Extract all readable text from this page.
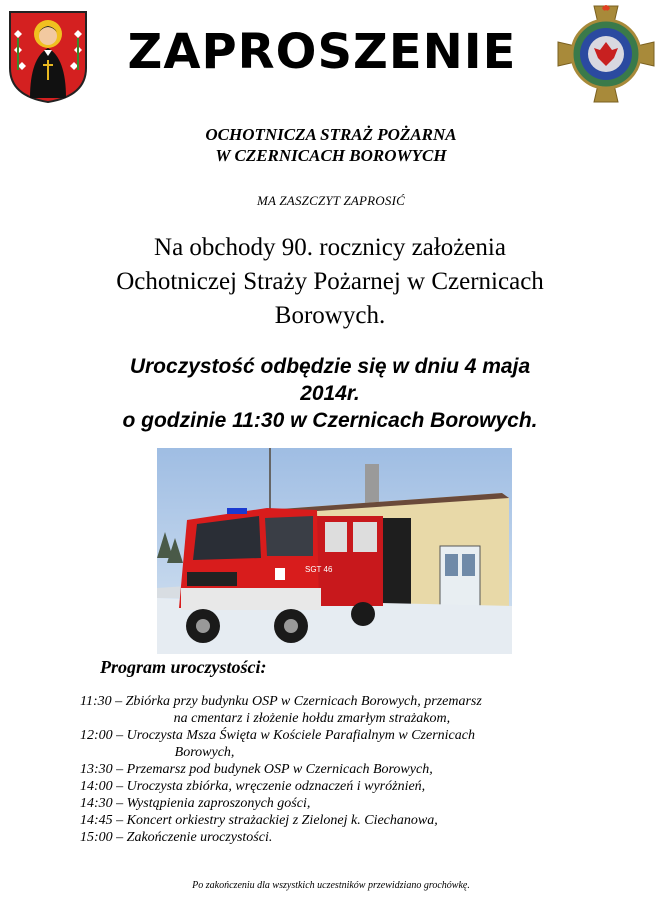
ZAPROSZENIE
OCHOTNICZA STRAŻ POŻARNA
W CZERNICACH BOROWYCH
MA ZASZCZYT ZAPROSIĆ
Na obchody 90. rocznicy założenia
Ochotniczej Straży Pożarnej w Czernicach
Borowych.
Uroczystość odbędzie się w dniu 4 maja
2014r.
o godzinie 11:30 w Czernicach Borowych.
SGT 46
Program uroczystości:
11:30 – Zbiórka przy budynku OSP w Czernicach Borowych, przemarsz
na cmentarz i złożenie hołdu zmarłym strażakom,
12:00 – Uroczysta Msza Święta w Kościele Parafialnym w Czernicach
Borowych,
13:30 – Przemarsz pod budynek OSP w Czernicach Borowych,
14:00 – Uroczysta zbiórka, wręczenie odznaczeń i wyróżnień,
14:30 – Wystąpienia zaproszonych gości,
14:45 – Koncert orkiestry strażackiej z Zielonej k. Ciechanowa,
15:00 – Zakończenie uroczystości.
Po zakończeniu dla wszystkich uczestników przewidziano grochówkę.
